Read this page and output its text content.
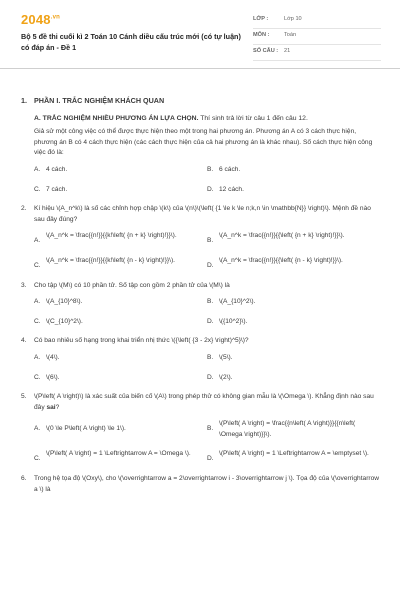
$2048^{.vn}$
Bộ 5 đề thi cuối kì 2 Toán 10 Cánh diều cấu trúc mới (có tự luận) có đáp án - Đề 1
LỚP :	Lớp 10
MÔN :	Toán
SỐ CÂU : 21
1. PHẦN I. TRẮC NGHIỆM KHÁCH QUAN
A. TRẮC NGHIỆM NHIỀU PHƯƠNG ÁN LỰA CHỌN. Thí sinh trả lời từ câu 1 đến câu 12.
Giả sử một công việc có thể được thực hiện theo một trong hai phương án. Phương án A có 3 cách thực hiện, phương án B có 4 cách thực hiện (các cách thực hiện của cả hai phương án là khác nhau). Số cách thực hiện công việc đó là:
A. 4 cách.	B. 6 cách.
C. 7 cách.	D. 12 cách.
2.	Kí hiệu \(A_n^k\) là số các chỉnh hợp chập \(k\) của \(n\)\(\left( {1 \le k \le n;k,n \in \mathbb{N}} \right)\). Mệnh đề nào sau đây đúng?
A.
\(A_n^k = \frac{{n!}}{{k!\left( {n + k} \right)!}}\).
B.
\(A_n^k = \frac{{n!}}{{\left( {n + k} \right)!}}\).
C.
\(A_n^k = \frac{{n!}}{{k!\left( {n - k} \right)!}}\).
D.
\(A_n^k = \frac{{n!}}{{\left( {n - k} \right)!}}\).
3.	Cho tập \(M\) có 10 phần tử. Số tập con gồm 2 phần tử của \(M\) là
A. \(A_{10}^8\).	B. \(A_{10}^2\).
C. \(C_{10}^2\).	D. \({10^2}\).
4.	Có bao nhiêu số hạng trong khai triển nhị thức \({\left( {3 - 2x} \right)^5}\)?
A. \(4\).	B. \(5\).
C. \(6\).	D. \(2\).
5.	\(P\left( A \right)\) là xác suất của biến cố \(A\) trong phép thử có không gian mẫu là \(\Omega \). Khẳng định nào sau đây sai?
A. \(0 \le P\left( A \right) \le 1\).	B.
\(P\left( A \right) = \frac{{n\left( A \right)}}{{n\left( \Omega \right)}}\).
C.
\(P\left( A \right) = 1 \Leftrightarrow A = \Omega \).
D.
\(P\left( A \right) = 1 \Leftrightarrow A = \emptyset \).
6.	Trong hệ tọa độ \(Oxy\), cho \(\overrightarrow a = 2\overrightarrow i - 3\overrightarrow j \). Tọa độ của \(\overrightarrow a \) là
